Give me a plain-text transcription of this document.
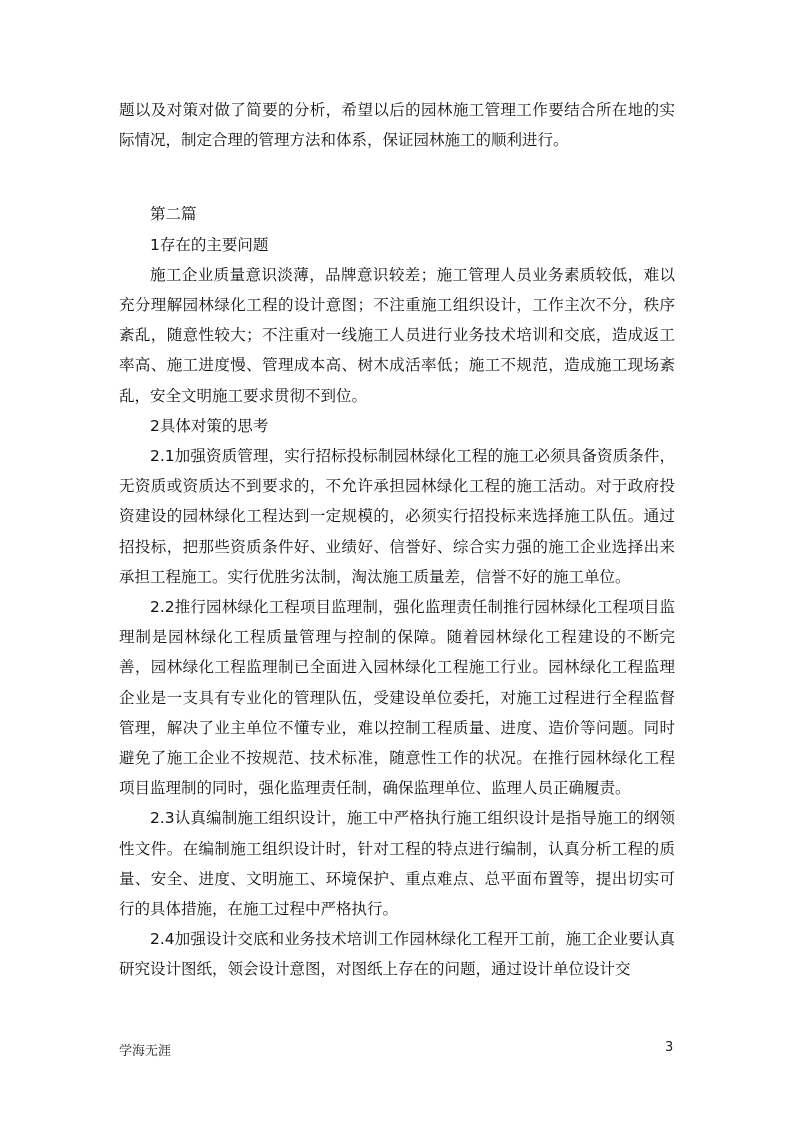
题以及对策对做了简要的分析，希望以后的园林施工管理工作要结合所在地的实际情况，制定合理的管理方法和体系，保证园林施工的顺利进行。

第二篇

1存在的主要问题

施工企业质量意识淡薄，品牌意识较差；施工管理人员业务素质较低，难以充分理解园林绿化工程的设计意图；不注重施工组织设计，工作主次不分，秩序紊乱，随意性较大；不注重对一线施工人员进行业务技术培训和交底，造成返工率高、施工进度慢、管理成本高、树木成活率低；施工不规范，造成施工现场紊乱，安全文明施工要求贯彻不到位。

2具体对策的思考

2.1加强资质管理，实行招标投标制园林绿化工程的施工必须具备资质条件，无资质或资质达不到要求的，不允许承担园林绿化工程的施工活动。对于政府投资建设的园林绿化工程达到一定规模的，必须实行招投标来选择施工队伍。通过招投标，把那些资质条件好、业绩好、信誉好、综合实力强的施工企业选择出来承担工程施工。实行优胜劣汰制，淘汰施工质量差，信誉不好的施工单位。

2.2推行园林绿化工程项目监理制，强化监理责任制推行园林绿化工程项目监理制是园林绿化工程质量管理与控制的保障。随着园林绿化工程建设的不断完善，园林绿化工程监理制已全面进入园林绿化工程施工行业。园林绿化工程监理企业是一支具有专业化的管理队伍，受建设单位委托，对施工过程进行全程监督管理，解决了业主单位不懂专业，难以控制工程质量、进度、造价等问题。同时避免了施工企业不按规范、技术标准，随意性工作的状况。在推行园林绿化工程项目监理制的同时，强化监理责任制，确保监理单位、监理人员正确履责。

2.3认真编制施工组织设计，施工中严格执行施工组织设计是指导施工的纲领性文件。在编制施工组织设计时，针对工程的特点进行编制，认真分析工程的质量、安全、进度、文明施工、环境保护、重点难点、总平面布置等，提出切实可行的具体措施，在施工过程中严格执行。

2.4加强设计交底和业务技术培训工作园林绿化工程开工前，施工企业要认真研究设计图纸，领会设计意图，对图纸上存在的问题，通过设计单位设计交

学海无涯	3
